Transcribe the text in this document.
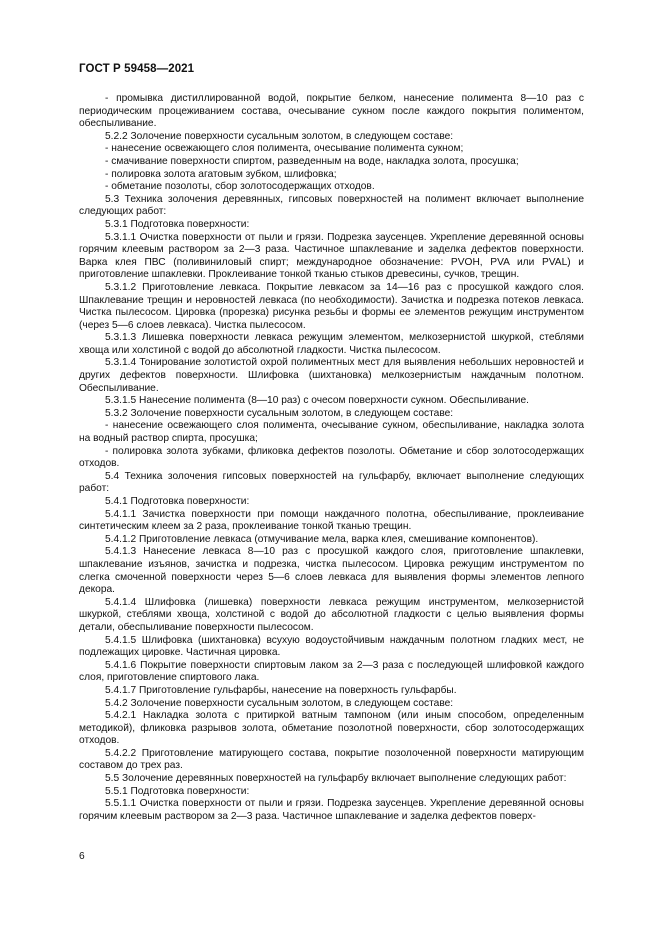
ГОСТ Р 59458—2021

- промывка дистиллированной водой, покрытие белком, нанесение полимента 8—10 раз с периодическим процеживанием состава, очесывание сукном после каждого покрытия полиментом, обеспыливание.

5.2.2 Золочение поверхности сусальным золотом, в следующем составе:

- нанесение освежающего слоя полимента, очесывание полимента сукном;

- смачивание поверхности спиртом, разведенным на воде, накладка золота, просушка;

- полировка золота агатовым зубком, шлифовка;

- обметание позолоты, сбор золотосодержащих отходов.

5.3 Техника золочения деревянных, гипсовых поверхностей на полимент включает выполнение следующих работ:

5.3.1 Подготовка поверхности:

5.3.1.1 Очистка поверхности от пыли и грязи. Подрезка заусенцев. Укрепление деревянной основы горячим клеевым раствором за 2—3 раза. Частичное шпаклевание и заделка дефектов поверхности. Варка клея ПВС (поливиниловый спирт; международное обозначение: PVOH, PVA или PVAL) и приготовление шпаклевки. Проклеивание тонкой тканью стыков древесины, сучков, трещин.

5.3.1.2 Приготовление левкаса. Покрытие левкасом за 14—16 раз с просушкой каждого слоя. Шпаклевание трещин и неровностей левкаса (по необходимости). Зачистка и подрезка потеков левкаса. Чистка пылесосом. Цировка (прорезка) рисунка резьбы и формы ее элементов режущим инструментом (через 5—6 слоев левкаса). Чистка пылесосом.

5.3.1.3 Лишевка поверхности левкаса режущим элементом, мелкозернистой шкуркой, стеблями хвоща или холстиной с водой до абсолютной гладкости. Чистка пылесосом.

5.3.1.4 Тонирование золотистой охрой полиментных мест для выявления небольших неровностей и других дефектов поверхности. Шлифовка (шихтановка) мелкозернистым наждачным полотном. Обеспыливание.

5.3.1.5 Нанесение полимента (8—10 раз) с очесом поверхности сукном. Обеспыливание.

5.3.2 Золочение поверхности сусальным золотом, в следующем составе:

- нанесение освежающего слоя полимента, очесывание сукном, обеспыливание, накладка золота на водный раствор спирта, просушка;

- полировка золота зубками, фликовка дефектов позолоты. Обметание и сбор золотосодержащих отходов.

5.4 Техника золочения гипсовых поверхностей на гульфарбу, включает выполнение следующих работ:

5.4.1 Подготовка поверхности:

5.4.1.1 Зачистка поверхности при помощи наждачного полотна, обеспыливание, проклеивание синтетическим клеем за 2 раза, проклеивание тонкой тканью трещин.

5.4.1.2 Приготовление левкаса (отмучивание мела, варка клея, смешивание компонентов).

5.4.1.3 Нанесение левкаса 8—10 раз с просушкой каждого слоя, приготовление шпаклевки, шпаклевание изъянов, зачистка и подрезка, чистка пылесосом. Цировка режущим инструментом по слегка смоченной поверхности через 5—6 слоев левкаса для выявления формы элементов лепного декора.

5.4.1.4 Шлифовка (лишевка) поверхности левкаса режущим инструментом, мелкозернистой шкуркой, стеблями хвоща, холстиной с водой до абсолютной гладкости с целью выявления формы детали, обеспыливание поверхности пылесосом.

5.4.1.5 Шлифовка (шихтановка) всухую водоустойчивым наждачным полотном гладких мест, не подлежащих цировке. Частичная цировка.

5.4.1.6 Покрытие поверхности спиртовым лаком за 2—3 раза с последующей шлифовкой каждого слоя, приготовление спиртового лака.

5.4.1.7 Приготовление гульфарбы, нанесение на поверхность гульфарбы.

5.4.2 Золочение поверхности сусальным золотом, в следующем составе:

5.4.2.1 Накладка золота с притиркой ватным тампоном (или иным способом, определенным методикой), фликовка разрывов золота, обметание позолотной поверхности, сбор золотосодержащих отходов.

5.4.2.2 Приготовление матирующего состава, покрытие позолоченной поверхности матирующим составом до трех раз.

5.5 Золочение деревянных поверхностей на гульфарбу включает выполнение следующих работ:

5.5.1 Подготовка поверхности:

5.5.1.1 Очистка поверхности от пыли и грязи. Подрезка заусенцев. Укрепление деревянной основы горячим клеевым раствором за 2—3 раза. Частичное шпаклевание и заделка дефектов поверх-

6
